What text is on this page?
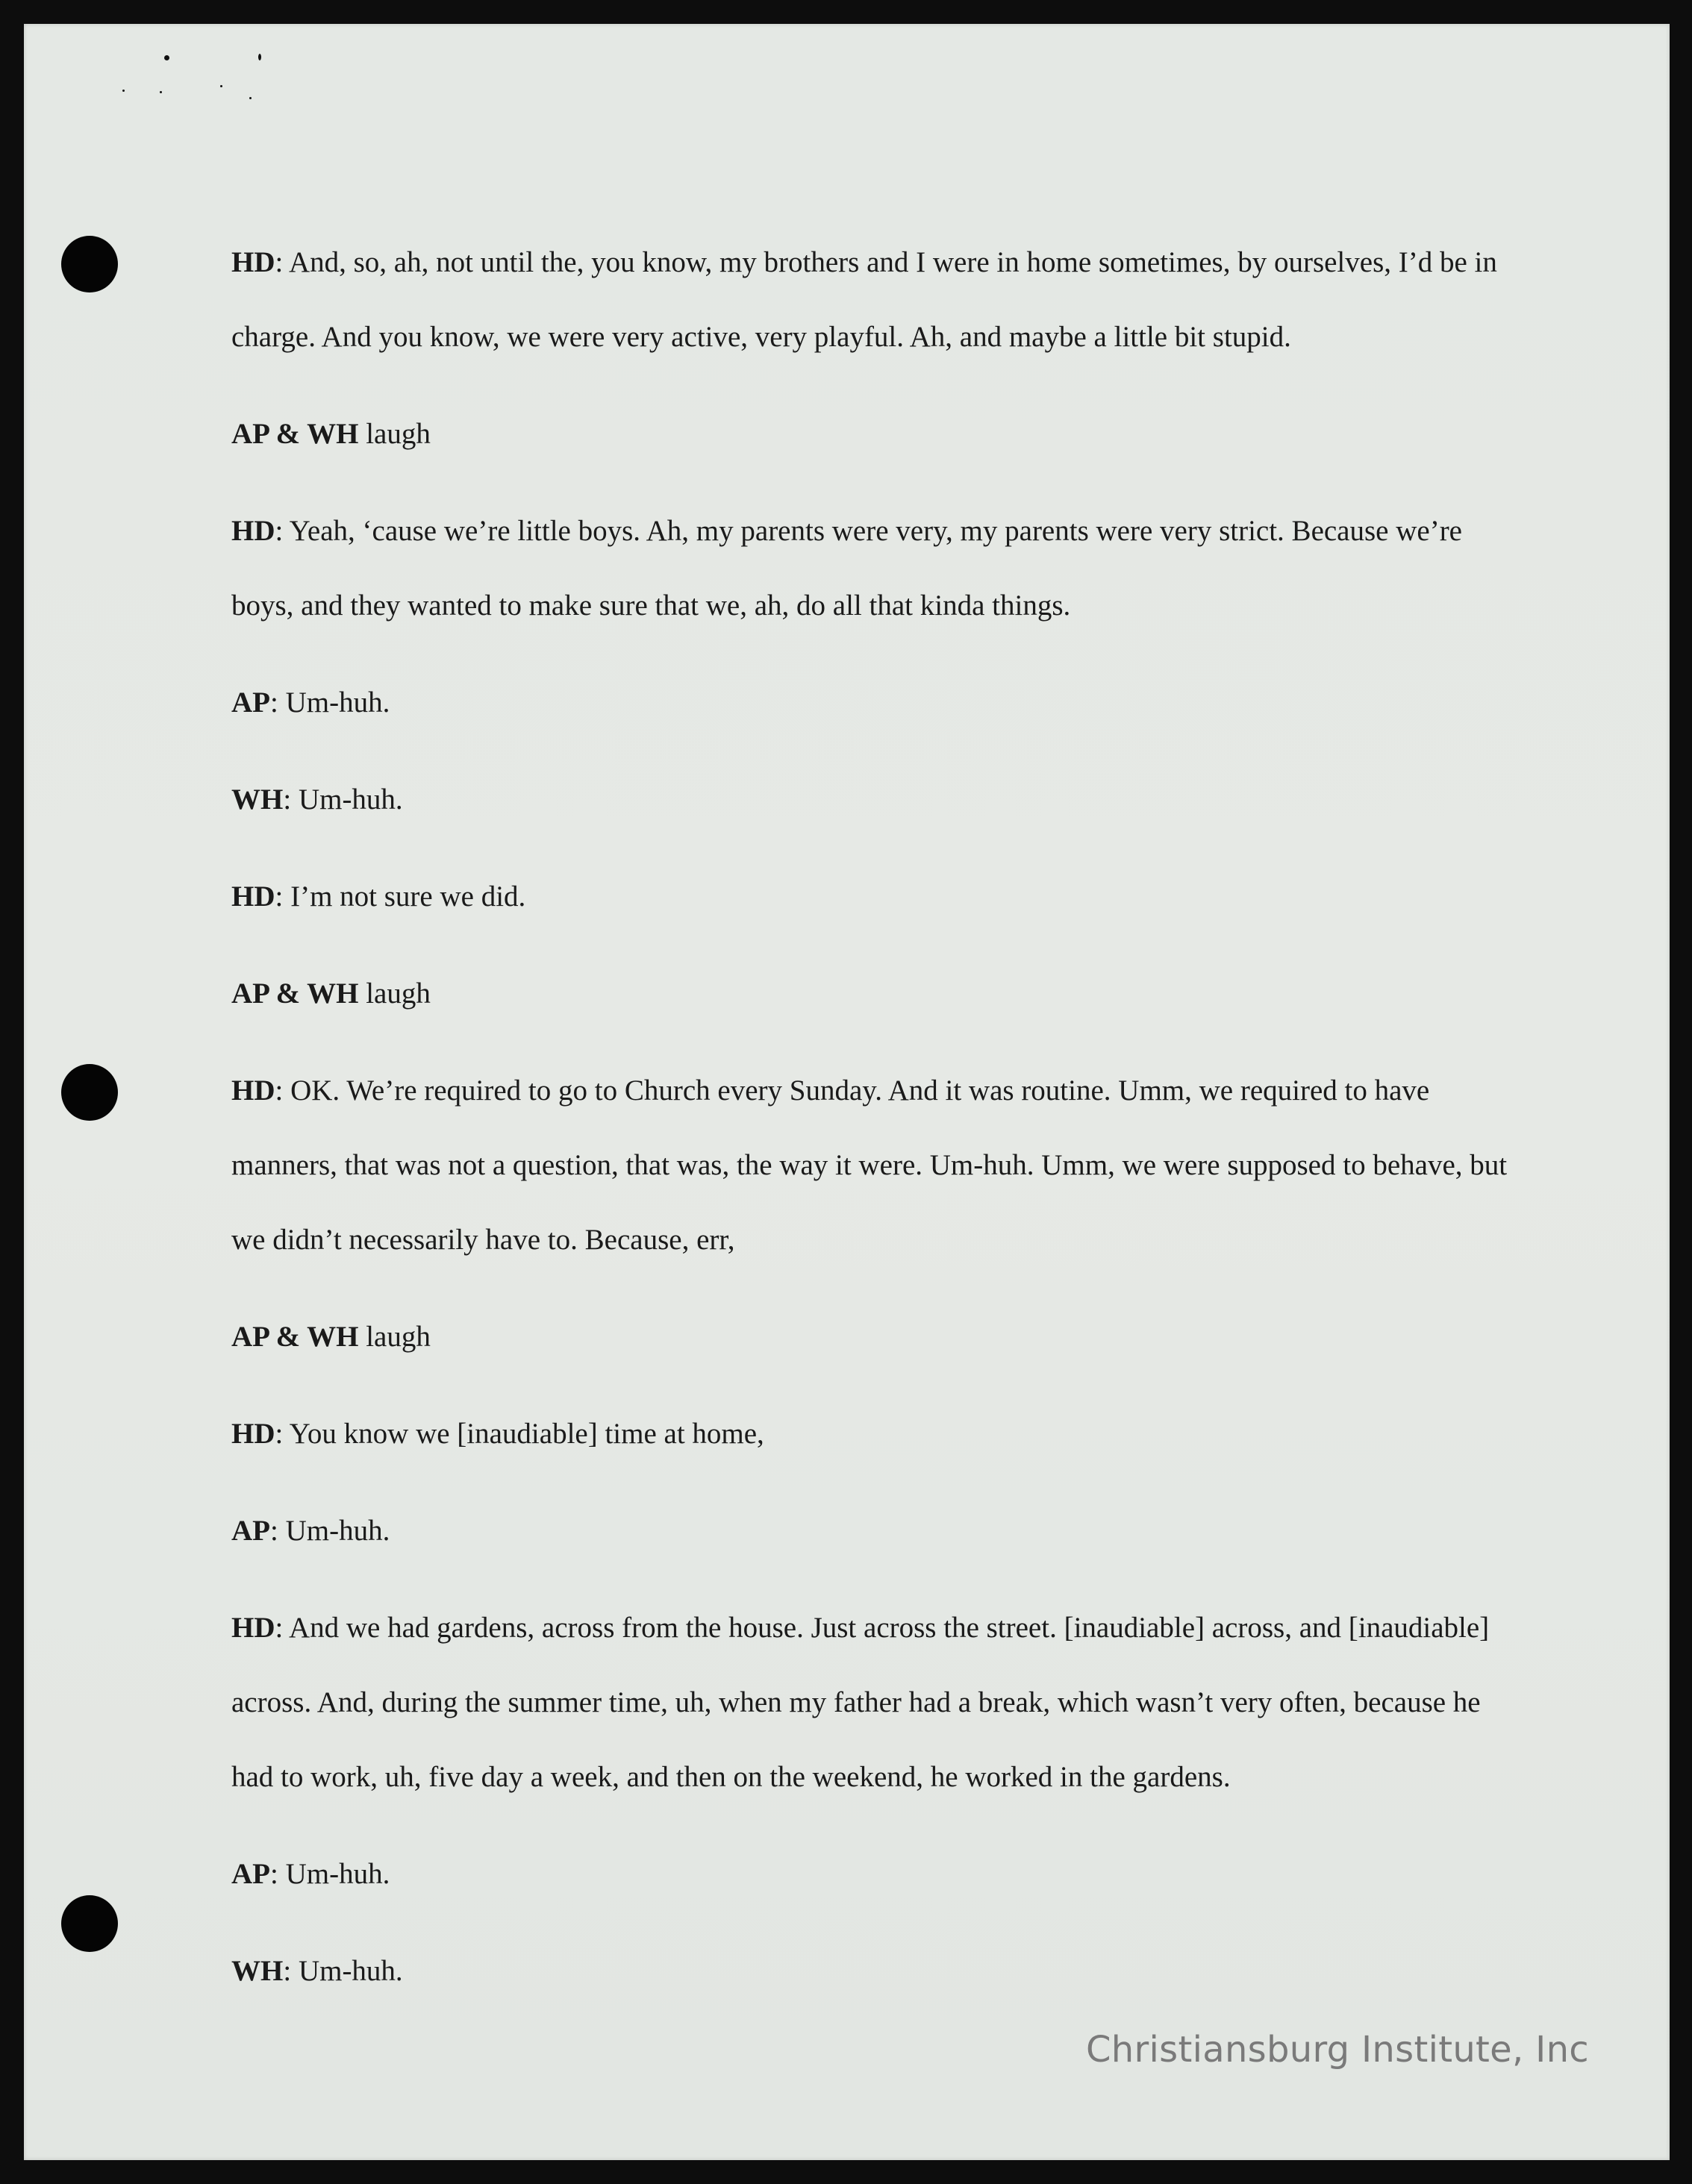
HD: And, so, ah, not until the, you know, my brothers and I were in home sometimes, by ourselves, I’d be in charge. And you know, we were very active, very playful. Ah, and maybe a little bit stupid.

AP & WH laugh

HD: Yeah, ‘cause we’re little boys. Ah, my parents were very, my parents were very strict. Because we’re boys, and they wanted to make sure that we, ah, do all that kinda things.

AP: Um-huh.

WH: Um-huh.

HD: I’m not sure we did.

AP & WH laugh

HD: OK. We’re required to go to Church every Sunday. And it was routine. Umm, we required to have manners, that was not a question, that was, the way it were. Um-huh. Umm, we were supposed to behave, but we didn’t necessarily have to. Because, err,

AP & WH laugh

HD: You know we [inaudiable] time at home,

AP: Um-huh.

HD: And we had gardens, across from the house. Just across the street. [inaudiable] across, and [inaudiable] across. And, during the summer time, uh, when my father had a break, which wasn’t very often, because he had to work, uh, five day a week, and then on the weekend, he worked in the gardens.

AP: Um-huh.

WH: Um-huh.

Christiansburg Institute, Inc
